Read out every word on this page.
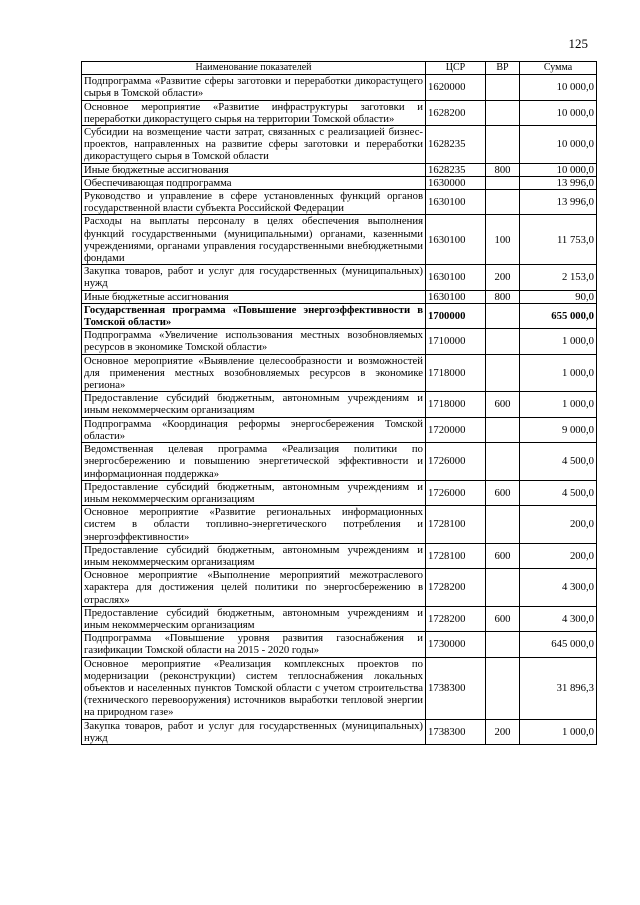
125
Наименование показателей	ЦСР	ВР	Сумма
Подпрограмма «Развитие сферы заготовки и переработки дикорастущего сырья в Томской области»	1620000		10 000,0
Основное мероприятие «Развитие инфраструктуры заготовки и переработки дикорастущего сырья на территории Томской области»	1628200		10 000,0
Субсидии на возмещение части затрат, связанных с реализацией бизнес-проектов, направленных на развитие сферы заготовки и переработки дикорастущего сырья в Томской области	1628235		10 000,0
Иные бюджетные ассигнования	1628235	800	10 000,0
Обеспечивающая подпрограмма	1630000		13 996,0
Руководство и управление в сфере установленных функций органов государственной власти субъекта Российской Федерации	1630100		13 996,0
Расходы на выплаты персоналу в целях обеспечения выполнения функций государственными (муниципальными) органами, казенными учреждениями, органами управления государственными внебюджетными фондами	1630100	100	11 753,0
Закупка товаров, работ и услуг для государственных (муниципальных) нужд	1630100	200	2 153,0
Иные бюджетные ассигнования	1630100	800	90,0
Государственная программа «Повышение энергоэффективности в Томской области»	1700000		655 000,0
Подпрограмма «Увеличение использования местных возобновляемых ресурсов в экономике Томской области»	1710000		1 000,0
Основное мероприятие «Выявление целесообразности и возможностей для применения местных возобновляемых ресурсов в экономике региона»	1718000		1 000,0
Предоставление субсидий бюджетным, автономным учреждениям и иным некоммерческим организациям	1718000	600	1 000,0
Подпрограмма «Координация реформы энергосбережения Томской области»	1720000		9 000,0
Ведомственная целевая программа «Реализация политики по энергосбережению и повышению энергетической эффективности и информационная поддержка»	1726000		4 500,0
Предоставление субсидий бюджетным, автономным учреждениям и иным некоммерческим организациям	1726000	600	4 500,0
Основное мероприятие «Развитие региональных информационных систем в области топливно-энергетического потребления и энергоэффективности»	1728100		200,0
Предоставление субсидий бюджетным, автономным учреждениям и иным некоммерческим организациям	1728100	600	200,0
Основное мероприятие «Выполнение мероприятий межотраслевого характера для достижения целей политики по энергосбережению в отраслях»	1728200		4 300,0
Предоставление субсидий бюджетным, автономным учреждениям и иным некоммерческим организациям	1728200	600	4 300,0
Подпрограмма «Повышение уровня развития газоснабжения и газификации Томской области на 2015 - 2020 годы»	1730000		645 000,0
Основное мероприятие «Реализация комплексных проектов по модернизации (реконструкции) систем теплоснабжения локальных объектов и населенных пунктов Томской области с учетом строительства (технического перевооружения) источников выработки тепловой энергии на природном газе»	1738300		31 896,3
Закупка товаров, работ и услуг для государственных (муниципальных) нужд	1738300	200	1 000,0
